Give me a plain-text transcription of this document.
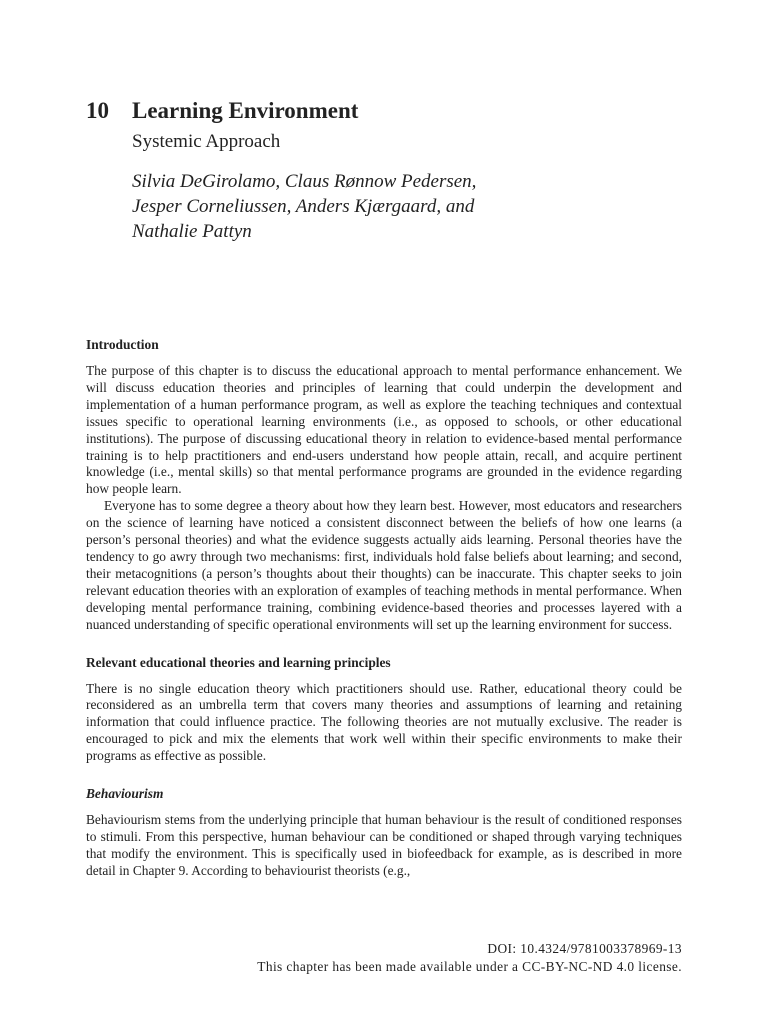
10 Learning Environment
Systemic Approach
Silvia DeGirolamo, Claus Rønnow Pedersen,
Jesper Corneliussen, Anders Kjærgaard, and
Nathalie Pattyn
Introduction

The purpose of this chapter is to discuss the educational approach to mental performance enhancement. We will discuss education theories and principles of learning that could underpin the development and implementation of a human performance program, as well as explore the teaching techniques and contextual issues specific to operational learning environments (i.e., as opposed to schools, or other educational institutions). The purpose of discussing educational theory in relation to evidence-based mental performance training is to help practitioners and end-users understand how people attain, recall, and acquire pertinent knowledge (i.e., mental skills) so that mental performance programs are grounded in the evidence regarding how people learn.

Everyone has to some degree a theory about how they learn best. However, most educators and researchers on the science of learning have noticed a consistent disconnect between the beliefs of how one learns (a person’s personal theories) and what the evidence suggests actually aids learning. Personal theories have the tendency to go awry through two mechanisms: first, individuals hold false beliefs about learning; and second, their metacognitions (a person’s thoughts about their thoughts) can be inaccurate. This chapter seeks to join relevant education theories with an exploration of examples of teaching methods in mental performance. When developing mental performance training, combining evidence-based theories and processes layered with a nuanced understanding of specific operational environments will set up the learning environment for success.

Relevant educational theories and learning principles

There is no single education theory which practitioners should use. Rather, educational theory could be reconsidered as an umbrella term that covers many theories and assumptions of learning and retaining information that could influence practice. The following theories are not mutually exclusive. The reader is encouraged to pick and mix the elements that work well within their specific environments to make their programs as effective as possible.

Behaviourism

Behaviourism stems from the underlying principle that human behaviour is the result of conditioned responses to stimuli. From this perspective, human behaviour can be conditioned or shaped through varying techniques that modify the environment. This is specifically used in biofeedback for example, as is described in more detail in Chapter 9. According to behaviourist theorists (e.g.,

DOI: 10.4324/9781003378969-13
This chapter has been made available under a CC-BY-NC-ND 4.0 license.
